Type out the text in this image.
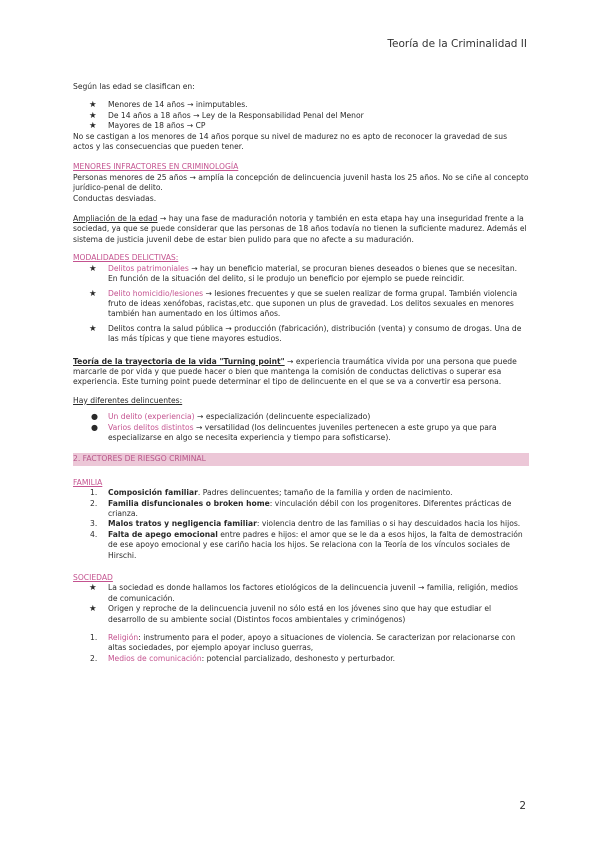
Teoría de la Criminalidad II

Según las edad se clasifican en:

★ Menores de 14 años → inimputables.
★ De 14 años a 18 años → Ley de la Responsabilidad Penal del Menor
★ Mayores de 18 años → CP

No se castigan a los menores de 14 años porque su nivel de madurez no es apto de reconocer la gravedad de sus actos y las consecuencias que pueden tener.

MENORES INFRACTORES EN CRIMINOLOGÍA

Personas menores de 25 años → amplía la concepción de delincuencia juvenil hasta los 25 años. No se ciñe al concepto jurídico-penal de delito.

Conductas desviadas.

Ampliación de la edad → hay una fase de maduración notoria y también en esta etapa hay una inseguridad frente a la sociedad, ya que se puede considerar que las personas de 18 años todavía no tienen la suficiente madurez. Además el sistema de justicia juvenil debe de estar bien pulido para que no afecte a su maduración.

MODALIDADES DELICTIVAS:

★ Delitos patrimoniales → hay un beneficio material, se procuran bienes deseados o bienes que se necesitan. En función de la situación del delito, si le produjo un beneficio por ejemplo se puede reincidir.
★ Delito homicidio/lesiones → lesiones frecuentes y que se suelen realizar de forma grupal. También violencia fruto de ideas xenófobas, racistas,etc. que suponen un plus de gravedad. Los delitos sexuales en menores también han aumentado en los últimos años.
★ Delitos contra la salud pública → producción (fabricación), distribución (venta) y consumo de drogas. Una de las más típicas y que tiene mayores estudios.

Teoría de la trayectoria de la vida "Turning point" → experiencia traumática vivida por una persona que puede marcarle de por vida y que puede hacer o bien que mantenga la comisión de conductas delictivas o superar esa experiencia. Este turning point puede determinar el tipo de delincuente en el que se va a convertir esa persona.

Hay diferentes delincuentes:

● Un delito (experiencia) → especialización (delincuente especializado)
● Varios delitos distintos → versatilidad (los delincuentes juveniles pertenecen a este grupo ya que para especializarse en algo se necesita experiencia y tiempo para sofisticarse).

2. FACTORES DE RIESGO CRIMINAL

FAMILIA

1. Composición familiar. Padres delincuentes; tamaño de la familia y orden de nacimiento.
2. Familia disfuncionales o broken home: vinculación débil con los progenitores. Diferentes prácticas de crianza.
3. Malos tratos y negligencia familiar: violencia dentro de las familias o si hay descuidados hacia los hijos.
4. Falta de apego emocional entre padres e hijos: el amor que se le da a esos hijos, la falta de demostración de ese apoyo emocional y ese cariño hacia los hijos. Se relaciona con la Teoría de los vínculos sociales de Hirschi.

SOCIEDAD

★ La sociedad es donde hallamos los factores etiológicos de la delincuencia juvenil → familia, religión, medios de comunicación.
★ Origen y reproche de la delincuencia juvenil no sólo está en los jóvenes sino que hay que estudiar el desarrollo de su ambiente social (Distintos focos ambientales y criminógenos)
1. Religión: instrumento para el poder, apoyo a situaciones de violencia. Se caracterizan por relacionarse con altas sociedades, por ejemplo apoyar incluso guerras,
2. Medios de comunicación: potencial parcializado, deshonesto y perturbador.
2
